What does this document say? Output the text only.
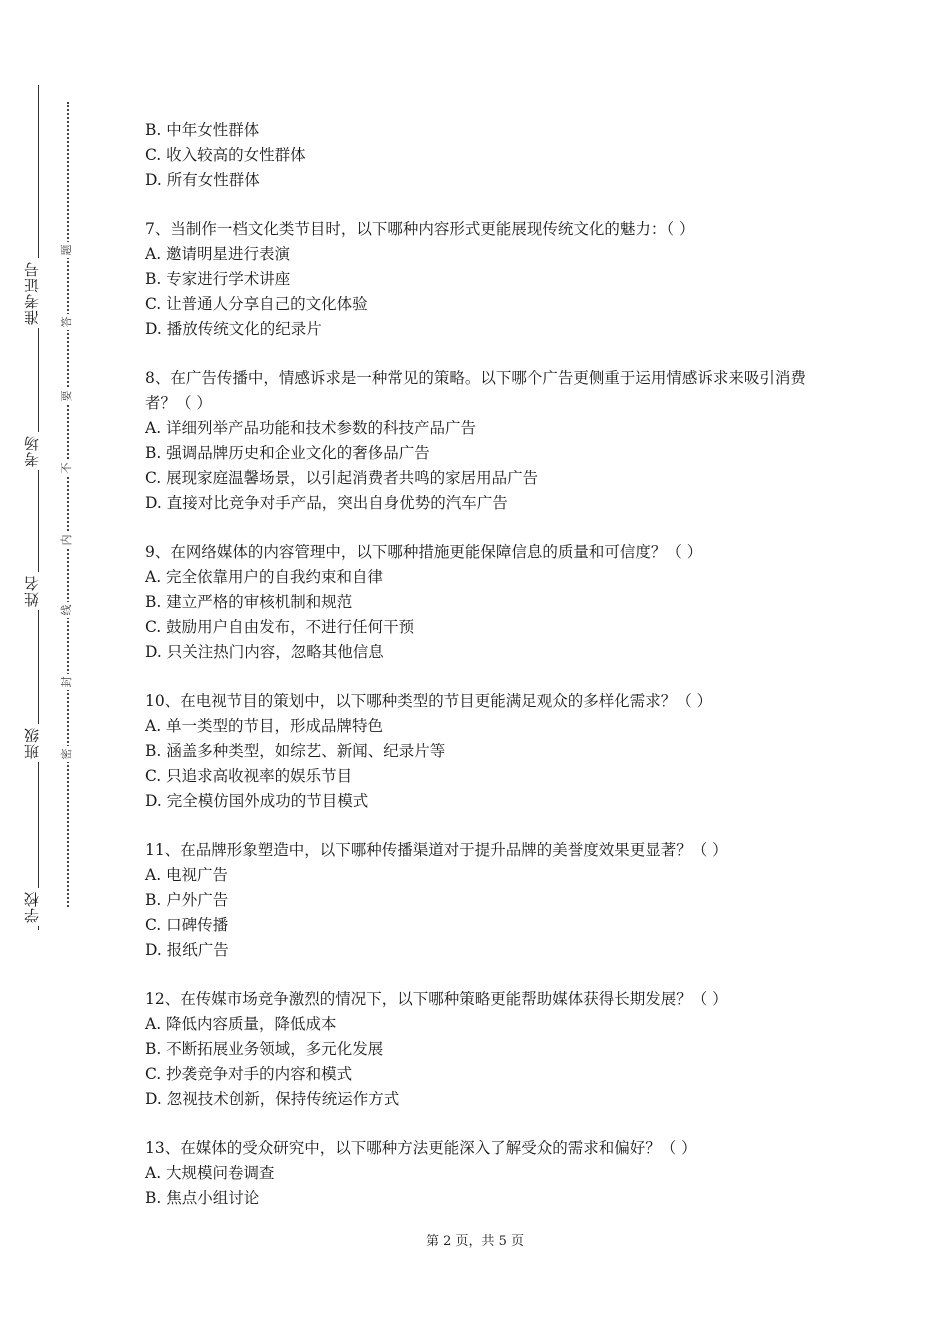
准考证号
考场
姓名
班级
学校
题
答
要
不
内
线
封
密
B. 中年女性群体
C. 收入较高的女性群体
D. 所有女性群体
7、当制作一档文化类节目时，以下哪种内容形式更能展现传统文化的魅力：（ ）
A. 邀请明星进行表演
B. 专家进行学术讲座
C. 让普通人分享自己的文化体验
D. 播放传统文化的纪录片
8、在广告传播中，情感诉求是一种常见的策略。以下哪个广告更侧重于运用情感诉求来吸引消费者？（ ）
A. 详细列举产品功能和技术参数的科技产品广告
B. 强调品牌历史和企业文化的奢侈品广告
C. 展现家庭温馨场景，以引起消费者共鸣的家居用品广告
D. 直接对比竞争对手产品，突出自身优势的汽车广告
9、在网络媒体的内容管理中，以下哪种措施更能保障信息的质量和可信度？（ ）
A. 完全依靠用户的自我约束和自律
B. 建立严格的审核机制和规范
C. 鼓励用户自由发布，不进行任何干预
D. 只关注热门内容，忽略其他信息
10、在电视节目的策划中，以下哪种类型的节目更能满足观众的多样化需求？（ ）
A. 单一类型的节目，形成品牌特色
B. 涵盖多种类型，如综艺、新闻、纪录片等
C. 只追求高收视率的娱乐节目
D. 完全模仿国外成功的节目模式
11、在品牌形象塑造中，以下哪种传播渠道对于提升品牌的美誉度效果更显著？（ ）
A. 电视广告
B. 户外广告
C. 口碑传播
D. 报纸广告
12、在传媒市场竞争激烈的情况下，以下哪种策略更能帮助媒体获得长期发展？（ ）
A. 降低内容质量，降低成本
B. 不断拓展业务领域，多元化发展
C. 抄袭竞争对手的内容和模式
D. 忽视技术创新，保持传统运作方式
13、在媒体的受众研究中，以下哪种方法更能深入了解受众的需求和偏好？（ ）
A. 大规模问卷调查
B. 焦点小组讨论
第 2 页，共 5 页
